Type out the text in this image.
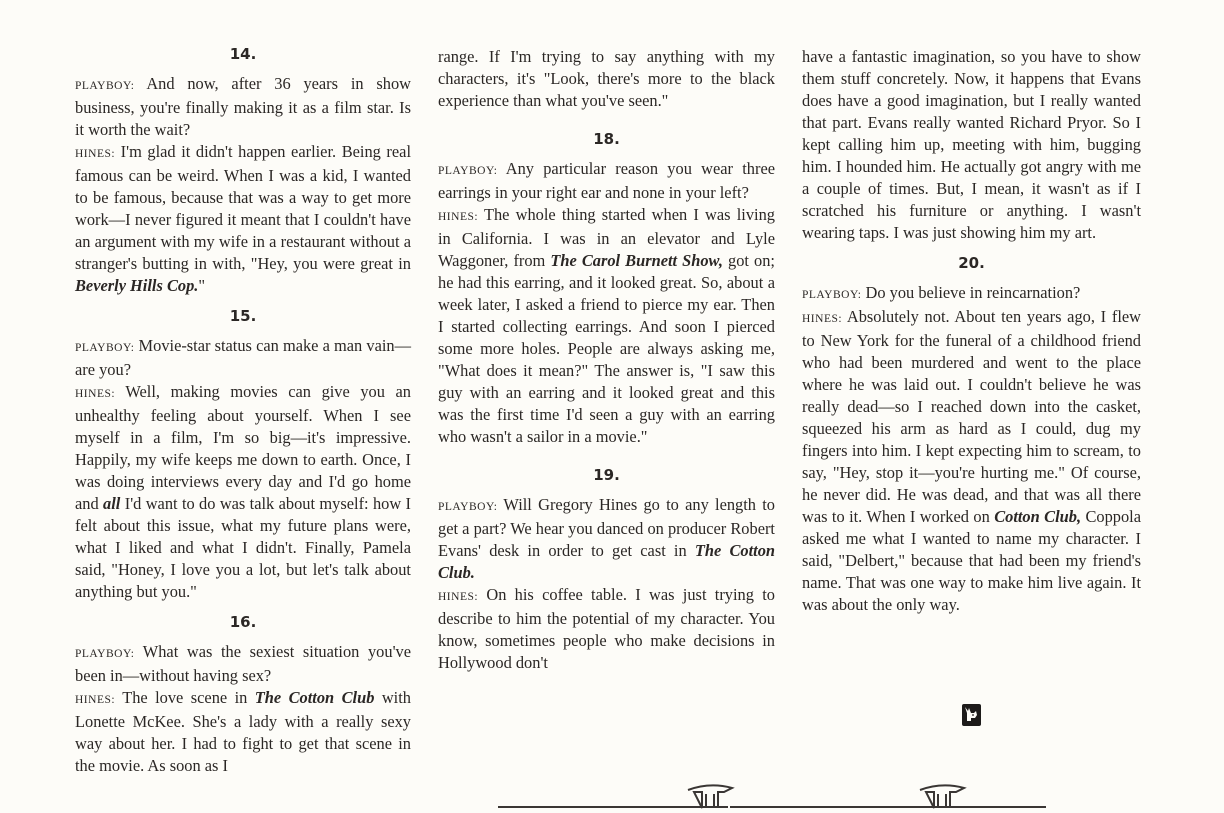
14.

PLAYBOY: And now, after 36 years in show business, you're finally making it as a film star. Is it worth the wait?

HINES: I'm glad it didn't happen earlier. Being real famous can be weird. When I was a kid, I wanted to be famous, because that was a way to get more work—I never figured it meant that I couldn't have an argument with my wife in a restaurant without a stranger's butting in with, "Hey, you were great in Beverly Hills Cop."

15.

PLAYBOY: Movie-star status can make a man vain—are you?

HINES: Well, making movies can give you an unhealthy feeling about yourself. When I see myself in a film, I'm so big—it's impressive. Happily, my wife keeps me down to earth. Once, I was doing interviews every day and I'd go home and all I'd want to do was talk about myself: how I felt about this issue, what my future plans were, what I liked and what I didn't. Finally, Pamela said, "Honey, I love you a lot, but let's talk about anything but you."

16.

PLAYBOY: What was the sexiest situation you've been in—without having sex?

HINES: The love scene in The Cotton Club with Lonette McKee. She's a lady with a really sexy way about her. I had to fight to get that scene in the movie. As soon as I

range. If I'm trying to say anything with my characters, it's "Look, there's more to the black experience than what you've seen."

18.

PLAYBOY: Any particular reason you wear three earrings in your right ear and none in your left?

HINES: The whole thing started when I was living in California. I was in an elevator and Lyle Waggoner, from The Carol Burnett Show, got on; he had this earring, and it looked great. So, about a week later, I asked a friend to pierce my ear. Then I started collecting earrings. And soon I pierced some more holes. People are always asking me, "What does it mean?" The answer is, "I saw this guy with an earring and it looked great and this was the first time I'd seen a guy with an earring who wasn't a sailor in a movie."

19.

PLAYBOY: Will Gregory Hines go to any length to get a part? We hear you danced on producer Robert Evans' desk in order to get cast in The Cotton Club.

HINES: On his coffee table. I was just trying to describe to him the potential of my character. You know, sometimes people who make decisions in Hollywood don't

have a fantastic imagination, so you have to show them stuff concretely. Now, it happens that Evans does have a good imagination, but I really wanted that part. Evans really wanted Richard Pryor. So I kept calling him up, meeting with him, bugging him. I hounded him. He actually got angry with me a couple of times. But, I mean, it wasn't as if I scratched his furniture or anything. I wasn't wearing taps. I was just showing him my art.

20.

PLAYBOY: Do you believe in reincarnation?

HINES: Absolutely not. About ten years ago, I flew to New York for the funeral of a childhood friend who had been murdered and went to the place where he was laid out. I couldn't believe he was really dead—so I reached down into the casket, squeezed his arm as hard as I could, dug my fingers into him. I kept expecting him to scream, to say, "Hey, stop it—you're hurting me." Of course, he never did. He was dead, and that was all there was to it. When I worked on Cotton Club, Coppola asked me what I wanted to name my character. I said, "Delbert," because that had been my friend's name. That was one way to make him live again. It was about the only way.
